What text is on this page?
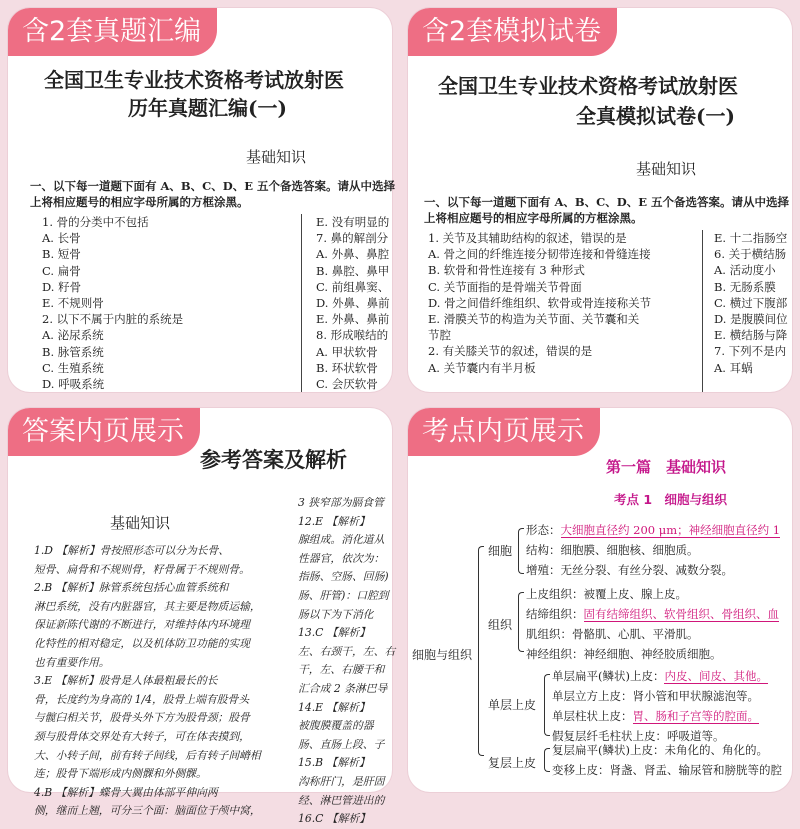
含2套真题汇编
全国卫生专业技术资格考试放射医
历年真题汇编(一)
基础知识
一、以下每一道题下面有 A、B、C、D、E 五个备选答案。请从中选择
上将相应题号的相应字母所属的方框涂黑。
1. 骨的分类中不包括
A. 长骨
B. 短骨
C. 扁骨
D. 籽骨
E. 不规则骨
2. 以下不属于内脏的系统是
A. 泌尿系统
B. 脉管系统
C. 生殖系统
D. 呼吸系统
E. 没有明显的
7. 鼻的解剖分
A. 外鼻、鼻腔
B. 鼻腔、鼻甲
C. 前组鼻窦、
D. 外鼻、鼻前
E. 外鼻、鼻前
8. 形成喉结的
A. 甲状软骨
B. 环状软骨
C. 会厌软骨
含2套模拟试卷
全国卫生专业技术资格考试放射医
全真模拟试卷(一)
基础知识
一、以下每一道题下面有 A、B、C、D、E 五个备选答案。请从中选择
上将相应题号的相应字母所属的方框涂黑。
1. 关节及其辅助结构的叙述，错误的是
A. 骨之间的纤维连接分韧带连接和骨缝连接
B. 软骨和骨性连接有 3 种形式
C. 关节面指的是骨端关节骨面
D. 骨之间借纤维组织、软骨或骨连接称关节
E. 滑膜关节的构造为关节面、关节囊和关
节腔
2. 有关膝关节的叙述，错误的是
A. 关节囊内有半月板
E. 十二指肠空
6. 关于横结肠
A. 活动度小
B. 无肠系膜
C. 横过下腹部
D. 是腹膜间位
E. 横结肠与降
7. 下列不是内
A. 耳蜗
答案内页展示
参考答案及解析
基础知识
1.D 【解析】骨按照形态可以分为长骨、
短骨、扁骨和不规则骨，籽骨属于不规则骨。
2.B 【解析】脉管系统包括心血管系统和
淋巴系统，没有内脏器官，其主要是物质运输，
保证新陈代谢的不断进行，对维持体内环境理
化特性的相对稳定，以及机体防卫功能的实现
也有重要作用。
3.E 【解析】股骨是人体最粗最长的长
骨，长度约为身高的 1/4，股骨上端有股骨头
与髋臼相关节，股骨头外下方为股骨颈；股骨
颈与股骨体交界处有大转子，可在体表摸到，
大、小转子间，前有转子间线，后有转子间嵴相
连；股骨下端形成内侧髁和外侧髁。
4.B 【解析】蝶骨大翼由体部平伸向两
侧，继而上翘，可分三个面：脑面位于颅中窝，
3 狭窄部为膈食管
12.E 【解析】
腺组成。消化道从
性器官，依次为：
指肠、空肠、回肠)
肠、肝管)：口腔到
肠以下为下消化
13.C 【解析】
左、右颈干，左、右
干，左、右腰干和
汇合成 2 条淋巴导
14.E 【解析】
被腹膜覆盖的器
肠、直肠上段、子
15.B 【解析】
沟称肝门，是肝固
经、淋巴管进出的
16.C 【解析】
考点内页展示
第一篇　基础知识
考点 1　细胞与组织
细胞与组织
细胞
形态：大细胞直径约 200 μm；神经细胞直径约 1
结构：细胞膜、细胞核、细胞质。
增殖：无丝分裂、有丝分裂、减数分裂。
组织
上皮组织：被覆上皮、腺上皮。
结缔组织：固有结缔组织、软骨组织、骨组织、血
肌组织：骨骼肌、心肌、平滑肌。
神经组织：神经细胞、神经胶质细胞。
单层上皮
单层扁平(鳞状)上皮：内皮、间皮、其他。
单层立方上皮：肾小管和甲状腺滤泡等。
单层柱状上皮：胃、肠和子宫等的腔面。
假复层纤毛柱状上皮：呼吸道等。
复层上皮
复层扁平(鳞状)上皮：未角化的、角化的。
变移上皮：肾盏、肾盂、输尿管和膀胱等的腔
